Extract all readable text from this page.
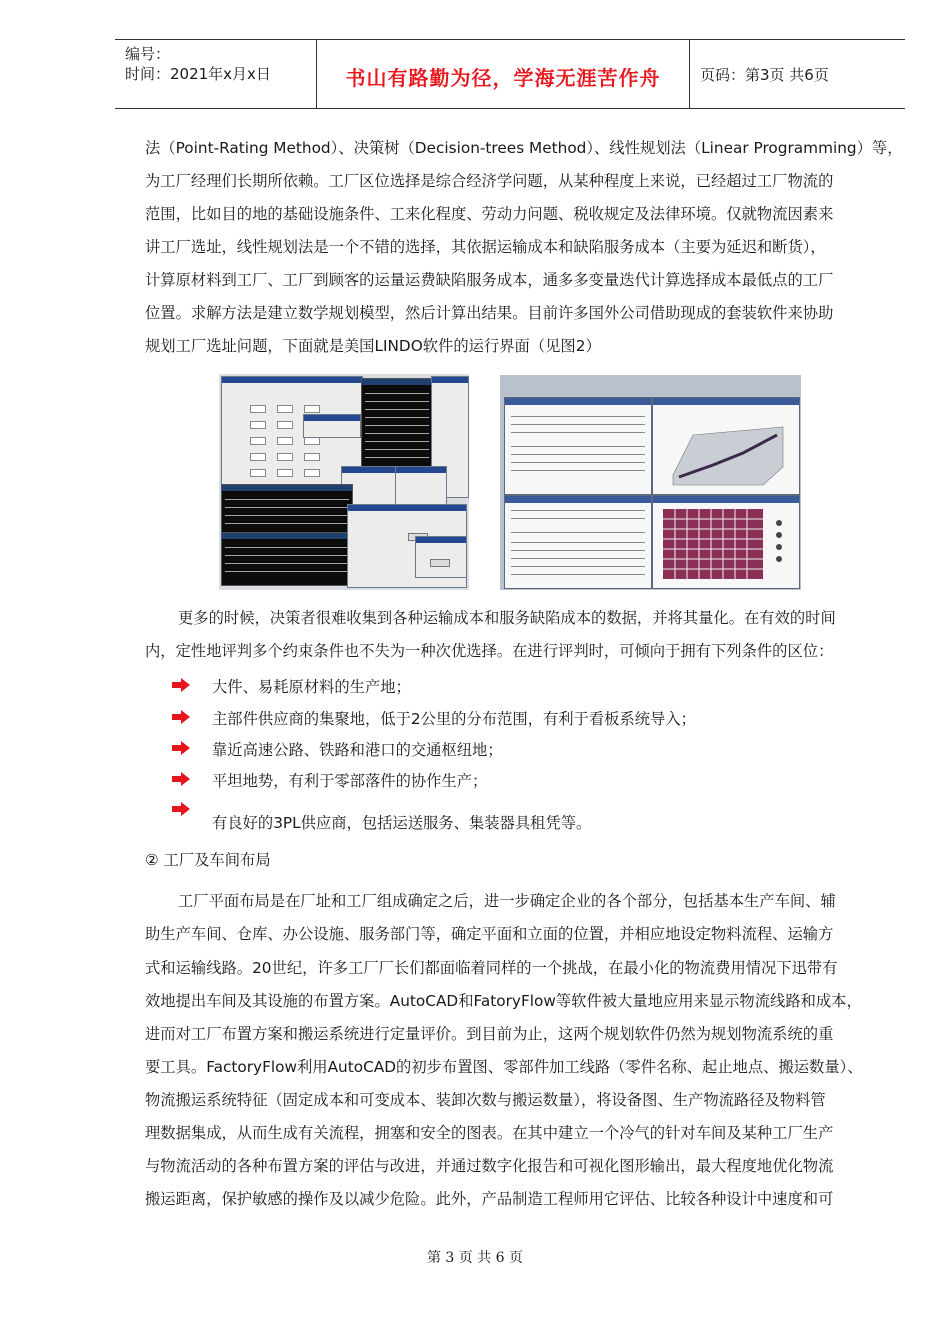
编号：
时间：2021年x月x日	书山有路勤为径，学海无涯苦作舟	页码：第3页 共6页
法（Point-Rating Method）、决策树（Decision-trees Method）、线性规划法（Linear Programming）等，
为工厂经理们长期所依赖。工厂区位选择是综合经济学问题，从某种程度上来说，已经超过工厂物流的
范围，比如目的地的基础设施条件、工来化程度、劳动力问题、税收规定及法律环境。仅就物流因素来
讲工厂选址，线性规划法是一个不错的选择，其依据运输成本和缺陷服务成本（主要为延迟和断货），
计算原材料到工厂、工厂到顾客的运量运费缺陷服务成本，通多多变量迭代计算选择成本最低点的工厂
位置。求解方法是建立数学规划模型，然后计算出结果。目前许多国外公司借助现成的套装软件来协助
规划工厂选址问题，下面就是美国LINDO软件的运行界面（见图2）
更多的时候，决策者很难收集到各种运输成本和服务缺陷成本的数据，并将其量化。在有效的时间
内，定性地评判多个约束条件也不失为一种次优选择。在进行评判时，可倾向于拥有下列条件的区位：
大件、易耗原材料的生产地；
主部件供应商的集聚地，低于2公里的分布范围，有利于看板系统导入；
靠近高速公路、铁路和港口的交通枢纽地；
平坦地势，有利于零部落件的协作生产；
有良好的3PL供应商，包括运送服务、集装器具租凭等。
② 工厂及车间布局
工厂平面布局是在厂址和工厂组成确定之后，进一步确定企业的各个部分，包括基本生产车间、辅
助生产车间、仓库、办公设施、服务部门等，确定平面和立面的位置，并相应地设定物料流程、运输方
式和运输线路。20世纪，许多工厂厂长们都面临着同样的一个挑战，在最小化的物流费用情况下迅带有
效地提出车间及其设施的布置方案。AutoCAD和FatoryFlow等软件被大量地应用来显示物流线路和成本，
进而对工厂布置方案和搬运系统进行定量评价。到目前为止，这两个规划软件仍然为规划物流系统的重
要工具。FactoryFlow利用AutoCAD的初步布置图、零部件加工线路（零件名称、起止地点、搬运数量）、
物流搬运系统特征（固定成本和可变成本、装卸次数与搬运数量），将设备图、生产物流路径及物料管
理数据集成，从而生成有关流程，拥塞和安全的图表。在其中建立一个冷气的针对车间及某种工厂生产
与物流活动的各种布置方案的评估与改进，并通过数字化报告和可视化图形输出，最大程度地优化物流
搬运距离，保护敏感的操作及以减少危险。此外，产品制造工程师用它评估、比较各种设计中速度和可
第 3 页 共 6 页
